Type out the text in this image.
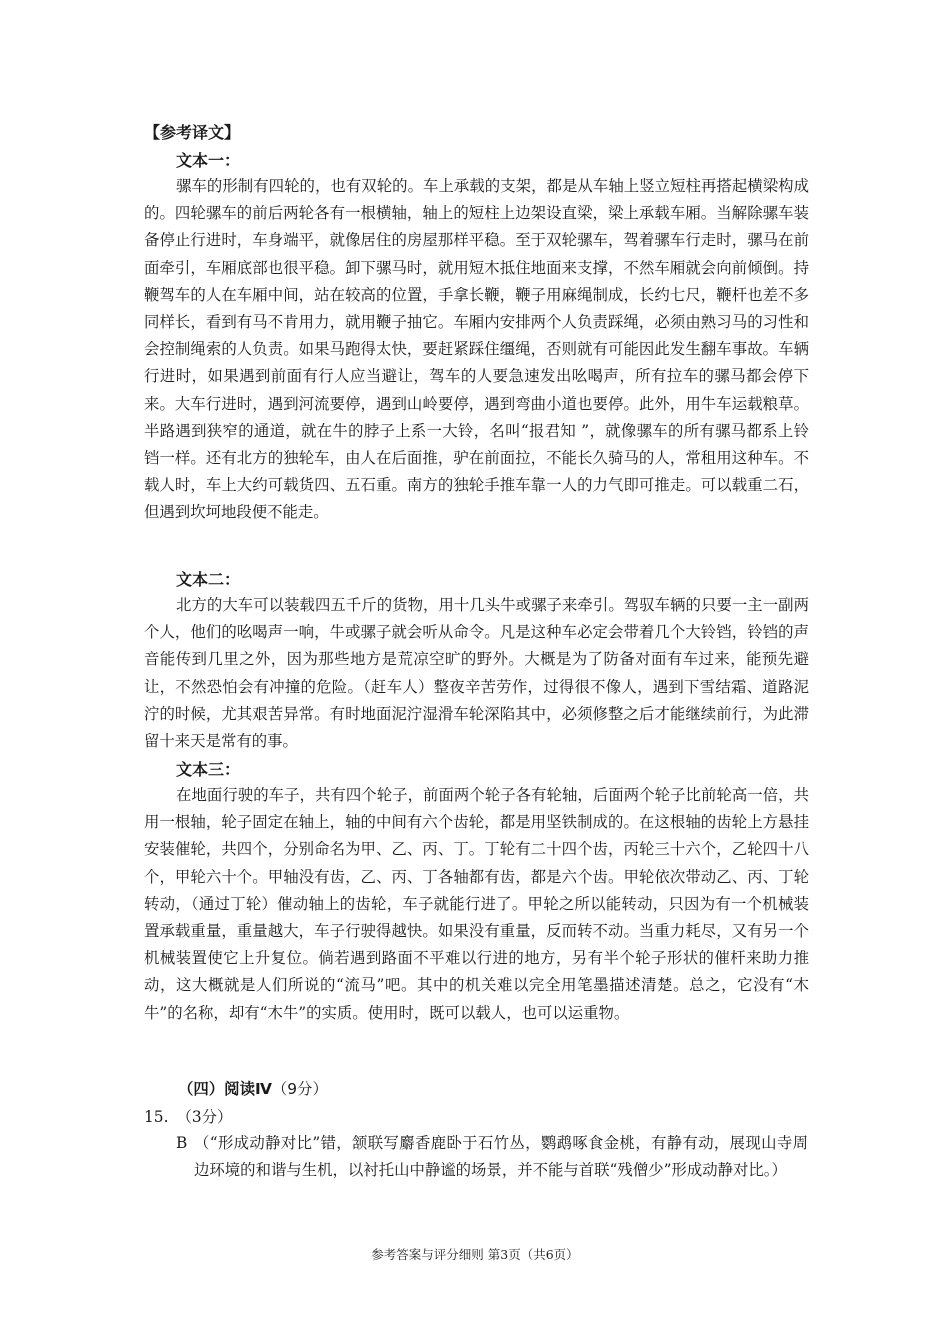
【参考译文】
文本一：

骡车的形制有四轮的，也有双轮的。车上承载的支架，都是从车轴上竖立短柱再搭起横梁构成的。四轮骡车的前后两轮各有一根横轴，轴上的短柱上边架设直梁，梁上承载车厢。当解除骡车装备停止行进时，车身端平，就像居住的房屋那样平稳。至于双轮骡车，驾着骡车行走时，骡马在前面牵引，车厢底部也很平稳。卸下骡马时，就用短木抵住地面来支撑，不然车厢就会向前倾倒。持鞭驾车的人在车厢中间，站在较高的位置，手拿长鞭，鞭子用麻绳制成，长约七尺，鞭杆也差不多同样长，看到有马不肯用力，就用鞭子抽它。车厢内安排两个人负责踩绳，必须由熟习马的习性和会控制绳索的人负责。如果马跑得太快，要赶紧踩住缰绳，否则就有可能因此发生翻车事故。车辆行进时，如果遇到前面有行人应当避让，驾车的人要急速发出吆喝声，所有拉车的骡马都会停下来。大车行进时，遇到河流要停，遇到山岭要停，遇到弯曲小道也要停。此外，用牛车运载粮草。半路遇到狭窄的通道，就在牛的脖子上系一大铃，名叫“报君知 ”，就像骡车的所有骡马都系上铃铛一样。还有北方的独轮车，由人在后面推，驴在前面拉，不能长久骑马的人，常租用这种车。不载人时，车上大约可载货四、五石重。南方的独轮手推车靠一人的力气即可推走。可以载重二石，但遇到坎坷地段便不能走。

文本二：

北方的大车可以装载四五千斤的货物，用十几头牛或骡子来牵引。驾驭车辆的只要一主一副两个人，他们的吆喝声一响，牛或骡子就会听从命令。凡是这种车必定会带着几个大铃铛，铃铛的声音能传到几里之外，因为那些地方是荒凉空旷的野外。大概是为了防备对面有车过来，能预先避让，不然恐怕会有冲撞的危险。（赶车人）整夜辛苦劳作，过得很不像人，遇到下雪结霜、道路泥泞的时候，尤其艰苦异常。有时地面泥泞湿滑车轮深陷其中，必须修整之后才能继续前行，为此滞留十来天是常有的事。

文本三：

在地面行驶的车子，共有四个轮子，前面两个轮子各有轮轴，后面两个轮子比前轮高一倍，共用一根轴，轮子固定在轴上，轴的中间有六个齿轮，都是用坚铁制成的。在这根轴的齿轮上方悬挂安装催轮，共四个，分别命名为甲、乙、丙、丁。丁轮有二十四个齿，丙轮三十六个，乙轮四十八个，甲轮六十个。甲轴没有齿，乙、丙、丁各轴都有齿，都是六个齿。甲轮依次带动乙、丙、丁轮转动，（通过丁轮）催动轴上的齿轮，车子就能行进了。甲轮之所以能转动，只因为有一个机械装置承载重量，重量越大，车子行驶得越快。如果没有重量，反而转不动。当重力耗尽，又有另一个机械装置使它上升复位。倘若遇到路面不平难以行进的地方，另有半个轮子形状的催杆来助力推动，这大概就是人们所说的“流马”吧。其中的机关难以完全用笔墨描述清楚。总之，它没有“木牛”的名称，却有“木牛”的实质。使用时，既可以载人，也可以运重物。

（四）阅读Ⅳ（9分）
15. （3分）
B （“形成动静对比”错，颔联写麝香鹿卧于石竹丛，鹦鹉啄食金桃，有静有动，展现山寺周边环境的和谐与生机，以衬托山中静谧的场景，并不能与首联“残僧少”形成动静对比。）
参考答案与评分细则 第3页（共6页）
